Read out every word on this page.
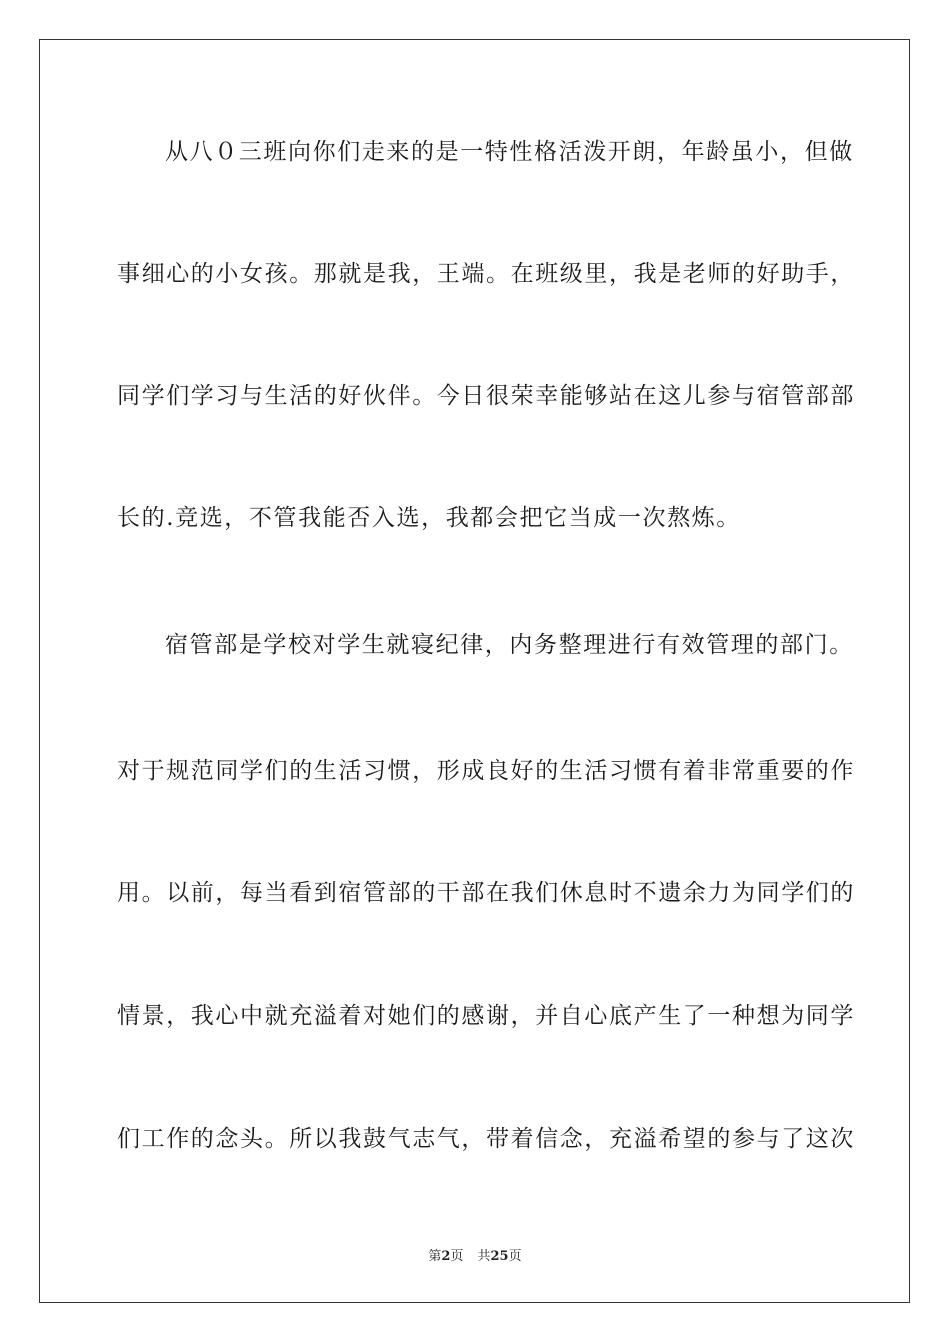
从八０三班向你们走来的是一特性格活泼开朗，年龄虽小，但做
事细心的小女孩。那就是我，王端。在班级里，我是老师的好助手，
同学们学习与生活的好伙伴。今日很荣幸能够站在这儿参与宿管部部
长的.竞选，不管我能否入选，我都会把它当成一次熬炼。
宿管部是学校对学生就寝纪律，内务整理进行有效管理的部门。
对于规范同学们的生活习惯，形成良好的生活习惯有着非常重要的作
用。以前，每当看到宿管部的干部在我们休息时不遗余力为同学们的
情景，我心中就充溢着对她们的感谢，并自心底产生了一种想为同学
们工作的念头。所以我鼓气志气，带着信念，充溢希望的参与了这次
第2页 共25页
